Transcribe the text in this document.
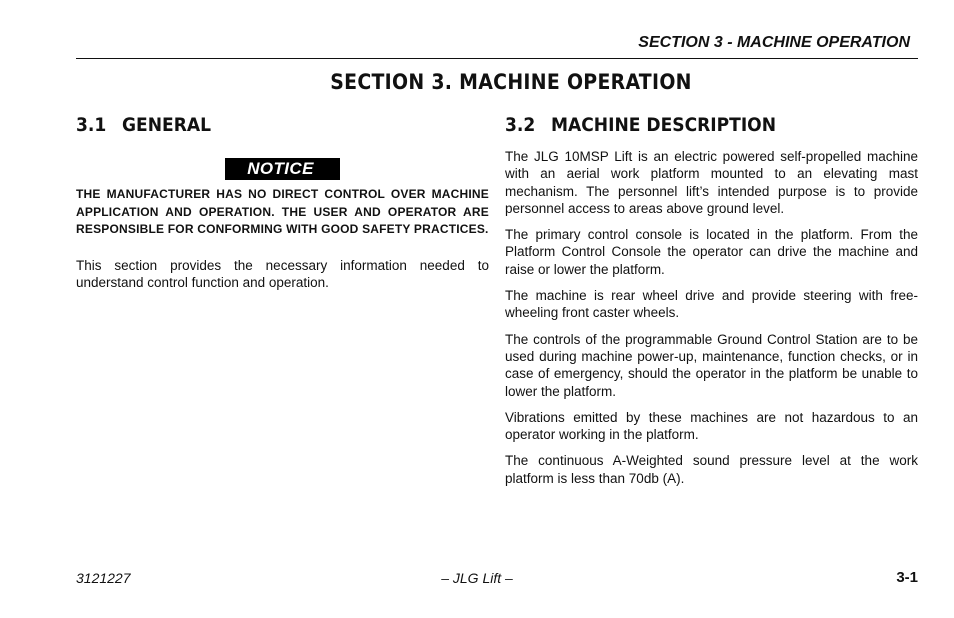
SECTION 3 - MACHINE OPERATION
SECTION 3. MACHINE OPERATION
3.1 GENERAL
NOTICE
THE MANUFACTURER HAS NO DIRECT CONTROL OVER MACHINE APPLICATION AND OPERATION. THE USER AND OPERATOR ARE RESPONSIBLE FOR CONFORMING WITH GOOD SAFETY PRACTICES.

This section provides the necessary information needed to understand control function and operation.

3.2 MACHINE DESCRIPTION

The JLG 10MSP Lift is an electric powered self-propelled machine with an aerial work platform mounted to an elevating mast mechanism. The personnel lift’s intended purpose is to provide personnel access to areas above ground level.

The primary control console is located in the platform. From the Platform Control Console the operator can drive the machine and raise or lower the platform.

The machine is rear wheel drive and provide steering with free-wheeling front caster wheels.

The controls of the programmable Ground Control Station are to be used during machine power-up, maintenance, function checks, or in case of emergency, should the operator in the platform be unable to lower the platform.

Vibrations emitted by these machines are not hazardous to an operator working in the platform.

The continuous A-Weighted sound pressure level at the work platform is less than 70db (A).

3121227	– JLG Lift –	3-1
